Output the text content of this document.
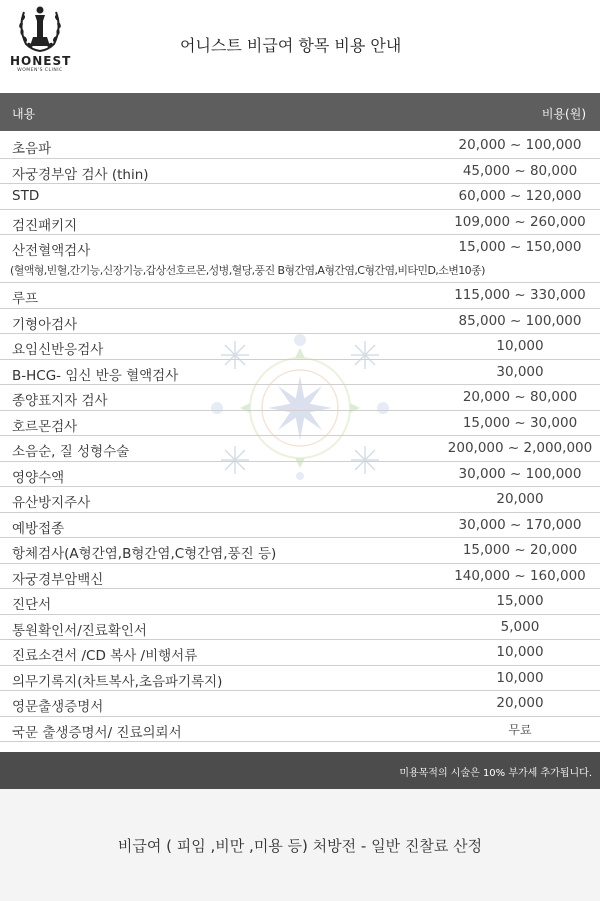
HONEST
WOMEN'S CLINIC
어니스트 비급여 항목 비용 안내
내용	비용(원)
초음파	20,000 ~ 100,000
자궁경부암 검사 (thin)	45,000 ~ 80,000
STD	60,000 ~ 120,000
검진패키지	109,000 ~ 260,000
산전혈액검사	15,000 ~ 150,000
(혈액형,빈혈,간기능,신장기능,갑상선호르몬,성병,혈당,풍진 B형간염,A형간염,C형간염,비타민D,소변10종)
루프	115,000 ~ 330,000
기형아검사	85,000 ~ 100,000
요임신반응검사	10,000
B-HCG- 임신 반응 혈액검사	30,000
종양표지자 검사	20,000 ~ 80,000
호르몬검사	15,000 ~ 30,000
소음순, 질 성형수술	200,000 ~ 2,000,000
영양수액	30,000 ~ 100,000
유산방지주사	20,000
예방접종	30,000 ~ 170,000
항체검사(A형간염,B형간염,C형간염,풍진 등)	15,000 ~ 20,000
자궁경부암백신	140,000 ~ 160,000
진단서	15,000
통원확인서/진료확인서	5,000
진료소견서 /CD 복사 /비행서류	10,000
의무기록지(차트복사,초음파기록지)	10,000
영문출생증명서	20,000
국문 출생증명서/ 진료의뢰서	무료
미용목적의 시술은 10% 부가세 추가됩니다.
비급여 ( 피임 ,비만 ,미용 등) 처방전 - 일반 진찰료 산정
